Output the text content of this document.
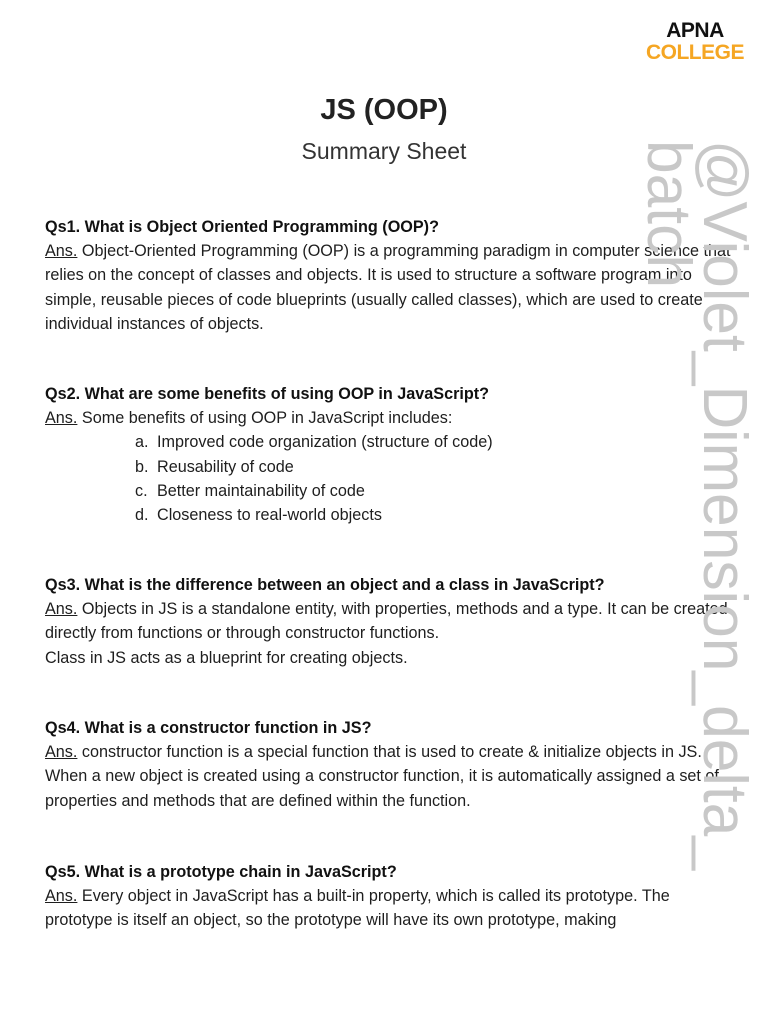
APNA
COLLEGE
JS (OOP)
Summary Sheet
Qs1. What is Object Oriented Programming (OOP)?
Ans. Object-Oriented Programming (OOP) is a programming paradigm in computer science that relies on the concept of classes and objects. It is used to structure a software program into simple, reusable pieces of code blueprints (usually called classes), which are used to create individual instances of objects.
Qs2. What are some benefits of using OOP in JavaScript?
Ans. Some benefits of using OOP in JavaScript includes:
a. Improved code organization (structure of code)
b. Reusability of code
c. Better maintainability of code
d. Closeness to real-world objects
Qs3. What is the difference between an object and a class in JavaScript?
Ans. Objects in JS is a standalone entity, with properties, methods and a type. It can be created directly from functions or through constructor functions.
Class in JS acts as a blueprint for creating objects.
Qs4. What is a constructor function in JS?
Ans. constructor function is a special function that is used to create & initialize objects in JS. When a new object is created using a constructor function, it is automatically assigned a set of properties and methods that are defined within the function.
Qs5. What is a prototype chain in JavaScript?
Ans. Every object in JavaScript has a built-in property, which is called its prototype. The prototype is itself an object, so the prototype will have its own prototype, making
@Violet_Dimension_delta_
batch
